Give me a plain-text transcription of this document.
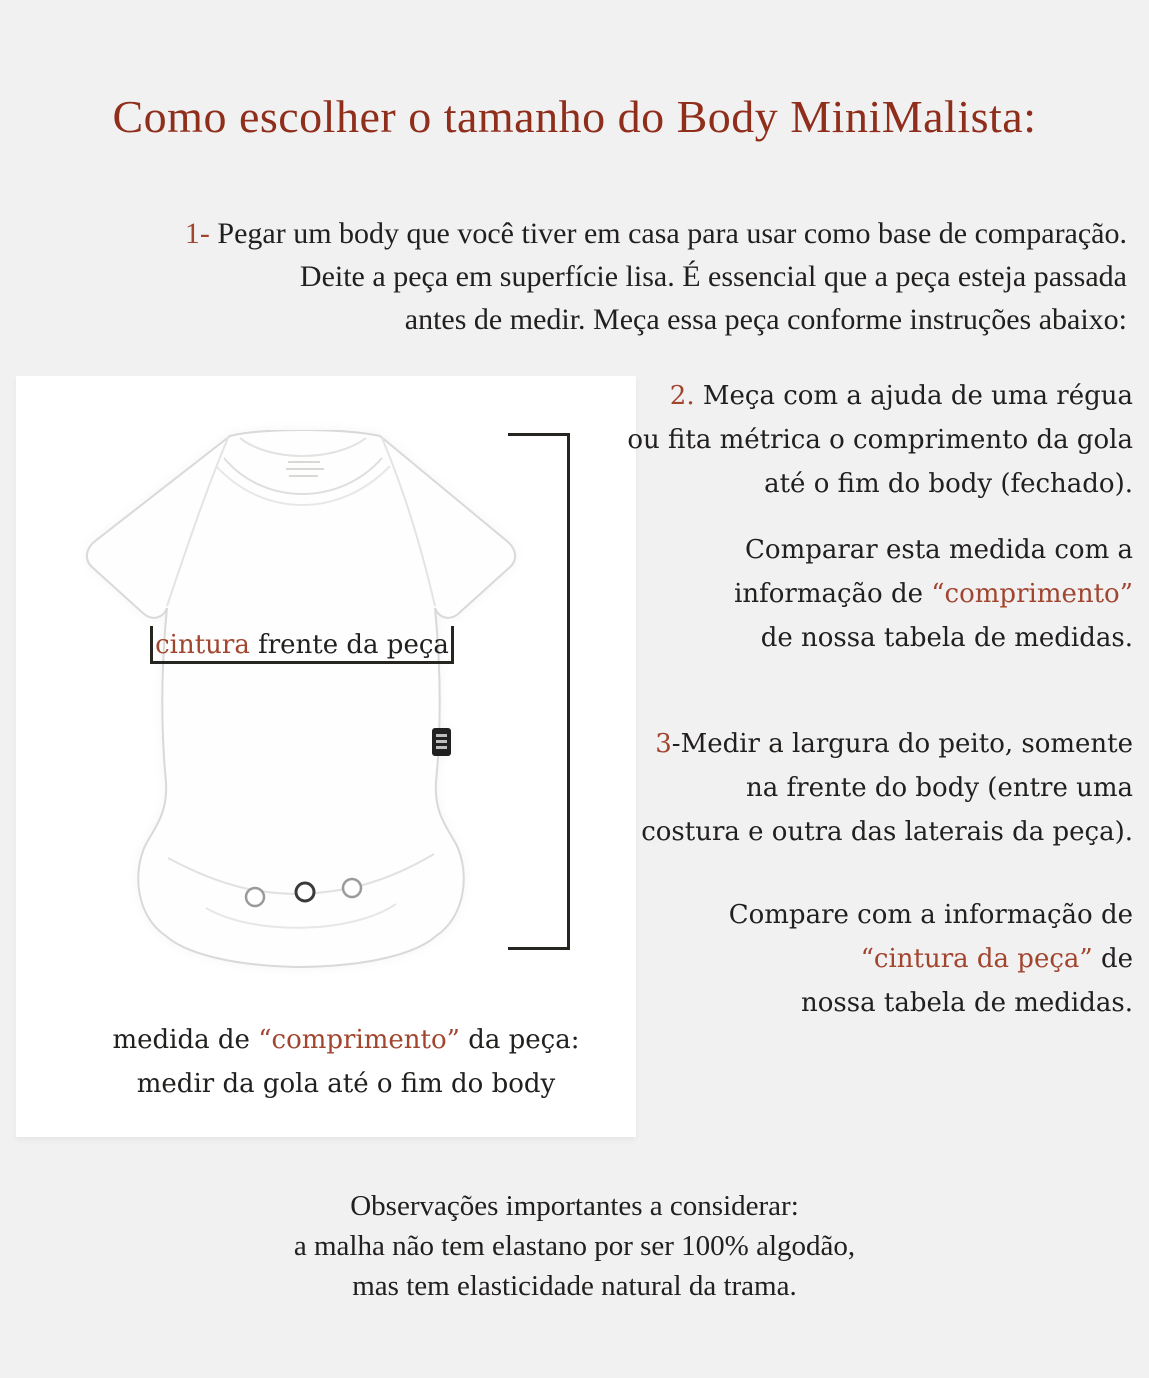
Como escolher o tamanho do Body MiniMalista:
1- Pegar um body que você tiver em casa para usar como base de comparação.
Deite a peça em superfície lisa. É essencial que a peça esteja passada
antes de medir. Meça essa peça conforme instruções abaixo:
cintura frente da peça
medida de “comprimento” da peça:
medir da gola até o fim do body
2. Meça com a ajuda de uma régua
ou fita métrica o comprimento da gola
até o fim do body (fechado).
Comparar esta medida com a
informação de “comprimento”
de nossa tabela de medidas.
3-Medir a largura do peito, somente
na frente do body (entre uma
costura e outra das laterais da peça).
Compare com a informação de
“cintura da peça” de
nossa tabela de medidas.
Observações importantes a considerar:
a malha não tem elastano por ser 100% algodão,
mas tem elasticidade natural da trama.
